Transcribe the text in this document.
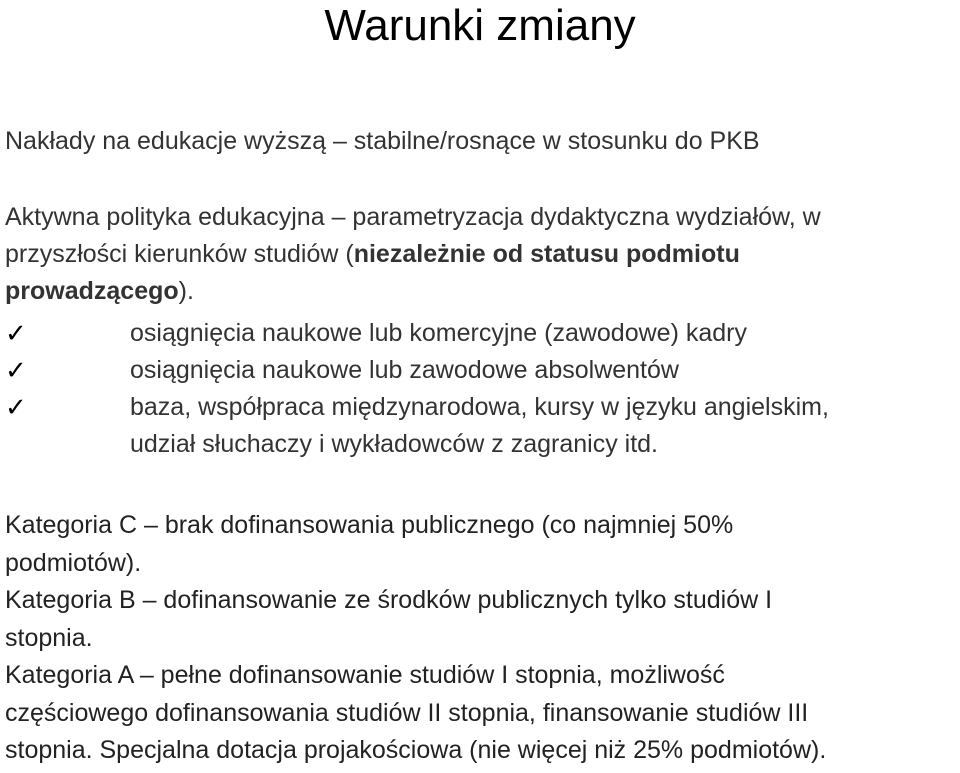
Warunki zmiany
Nakłady na edukacje wyższą – stabilne/rosnące w stosunku do PKB
Aktywna polityka edukacyjna – parametryzacja dydaktyczna wydziałów, w
przyszłości kierunków studiów (niezależnie od statusu podmiotu
prowadzącego).
✓	osiągnięcia naukowe lub komercyjne (zawodowe) kadry
✓	osiągnięcia naukowe lub zawodowe absolwentów
✓	baza, współpraca międzynarodowa, kursy w języku angielskim,
udział słuchaczy i wykładowców z zagranicy itd.

Kategoria C – brak dofinansowania publicznego (co najmniej 50%
podmiotów).

Kategoria B – dofinansowanie ze środków publicznych tylko studiów I
stopnia.

Kategoria A – pełne dofinansowanie studiów I stopnia, możliwość
częściowego dofinansowania studiów II stopnia, finansowanie studiów III
stopnia. Specjalna dotacja projakościowa (nie więcej niż 25% podmiotów).
